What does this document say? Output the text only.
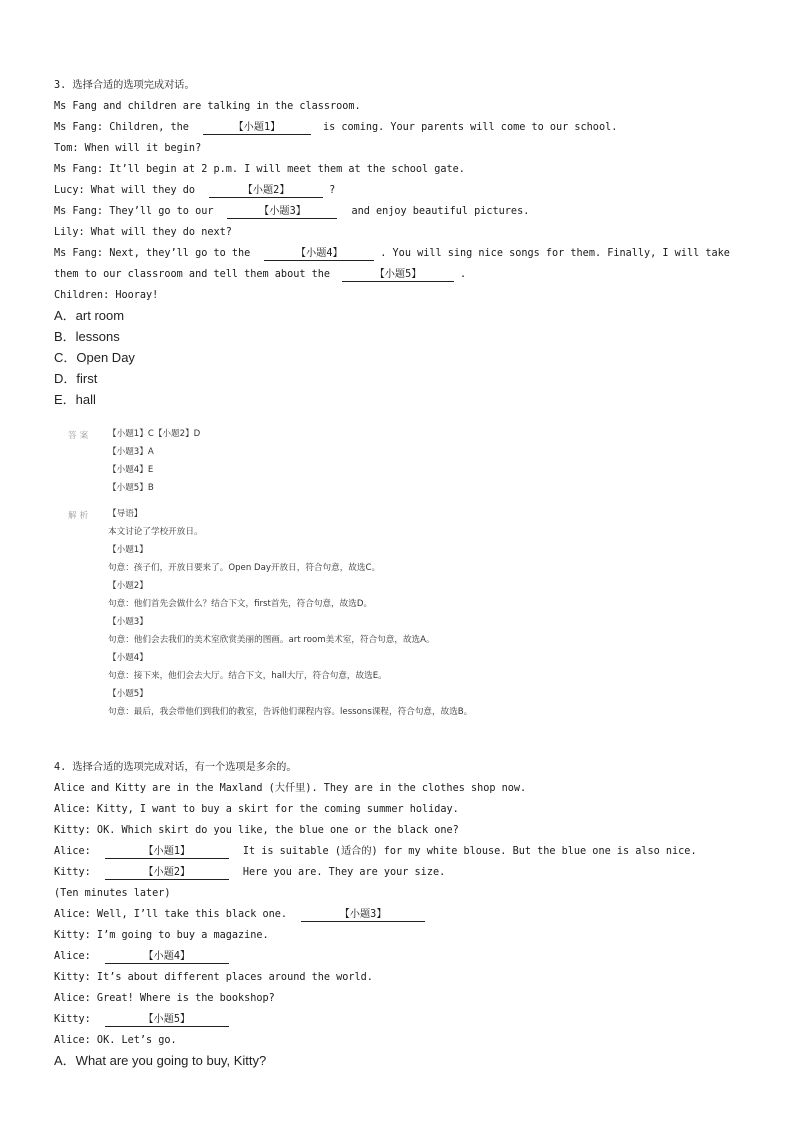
3. 选择合适的选项完成对话。
Ms Fang and children are talking in the classroom.
Ms Fang: Children, the	【小题1】	is coming. Your parents will come to our school.
Tom: When will it begin?
Ms Fang: It’ll begin at 2 p.m. I will meet them at the school gate.
Lucy: What will they do	【小题2】	?
Ms Fang: They’ll go to our	【小题3】	and enjoy beautiful pictures.
Lily: What will they do next?
Ms Fang: Next, they’ll go to the	【小题4】	. You will sing nice songs for them. Finally, I will take
them to our classroom and tell them about the	【小题5】	.
Children: Hooray!
A．art room
B．lessons
C．Open Day
D．first
E．hall
答案 【小题1】C【小题2】D
【小题3】A
【小题4】E
【小题5】B
解析 【导语】
本文讨论了学校开放日。
【小题1】
句意：孩子们，开放日要来了。Open Day开放日，符合句意，故选C。
【小题2】
句意：他们首先会做什么？结合下文，first首先，符合句意，故选D。
【小题3】
句意：他们会去我们的美术室欣赏美丽的图画。art room美术室，符合句意，故选A。
【小题4】
句意：接下来，他们会去大厅。结合下文，hall大厅，符合句意，故选E。
【小题5】
句意：最后，我会带他们到我们的教室，告诉他们课程内容。lessons课程，符合句意，故选B。
4. 选择合适的选项完成对话，有一个选项是多余的。
Alice and Kitty are in the Maxland (大仟里). They are in the clothes shop now.
Alice: Kitty, I want to buy a skirt for the coming summer holiday.
Kitty: OK. Which skirt do you like, the blue one or the black one?
Alice:	【小题1】	It is suitable (适合的) for my white blouse. But the blue one is also nice.
Kitty:	【小题2】	Here you are. They are your size.
(Ten minutes later)
Alice: Well, I’ll take this black one.	【小题3】
Kitty: I’m going to buy a magazine.
Alice:	【小题4】
Kitty: It’s about different places around the world.
Alice: Great! Where is the bookshop?
Kitty:	【小题5】
Alice: OK. Let’s go.
A．What are you going to buy, Kitty?
